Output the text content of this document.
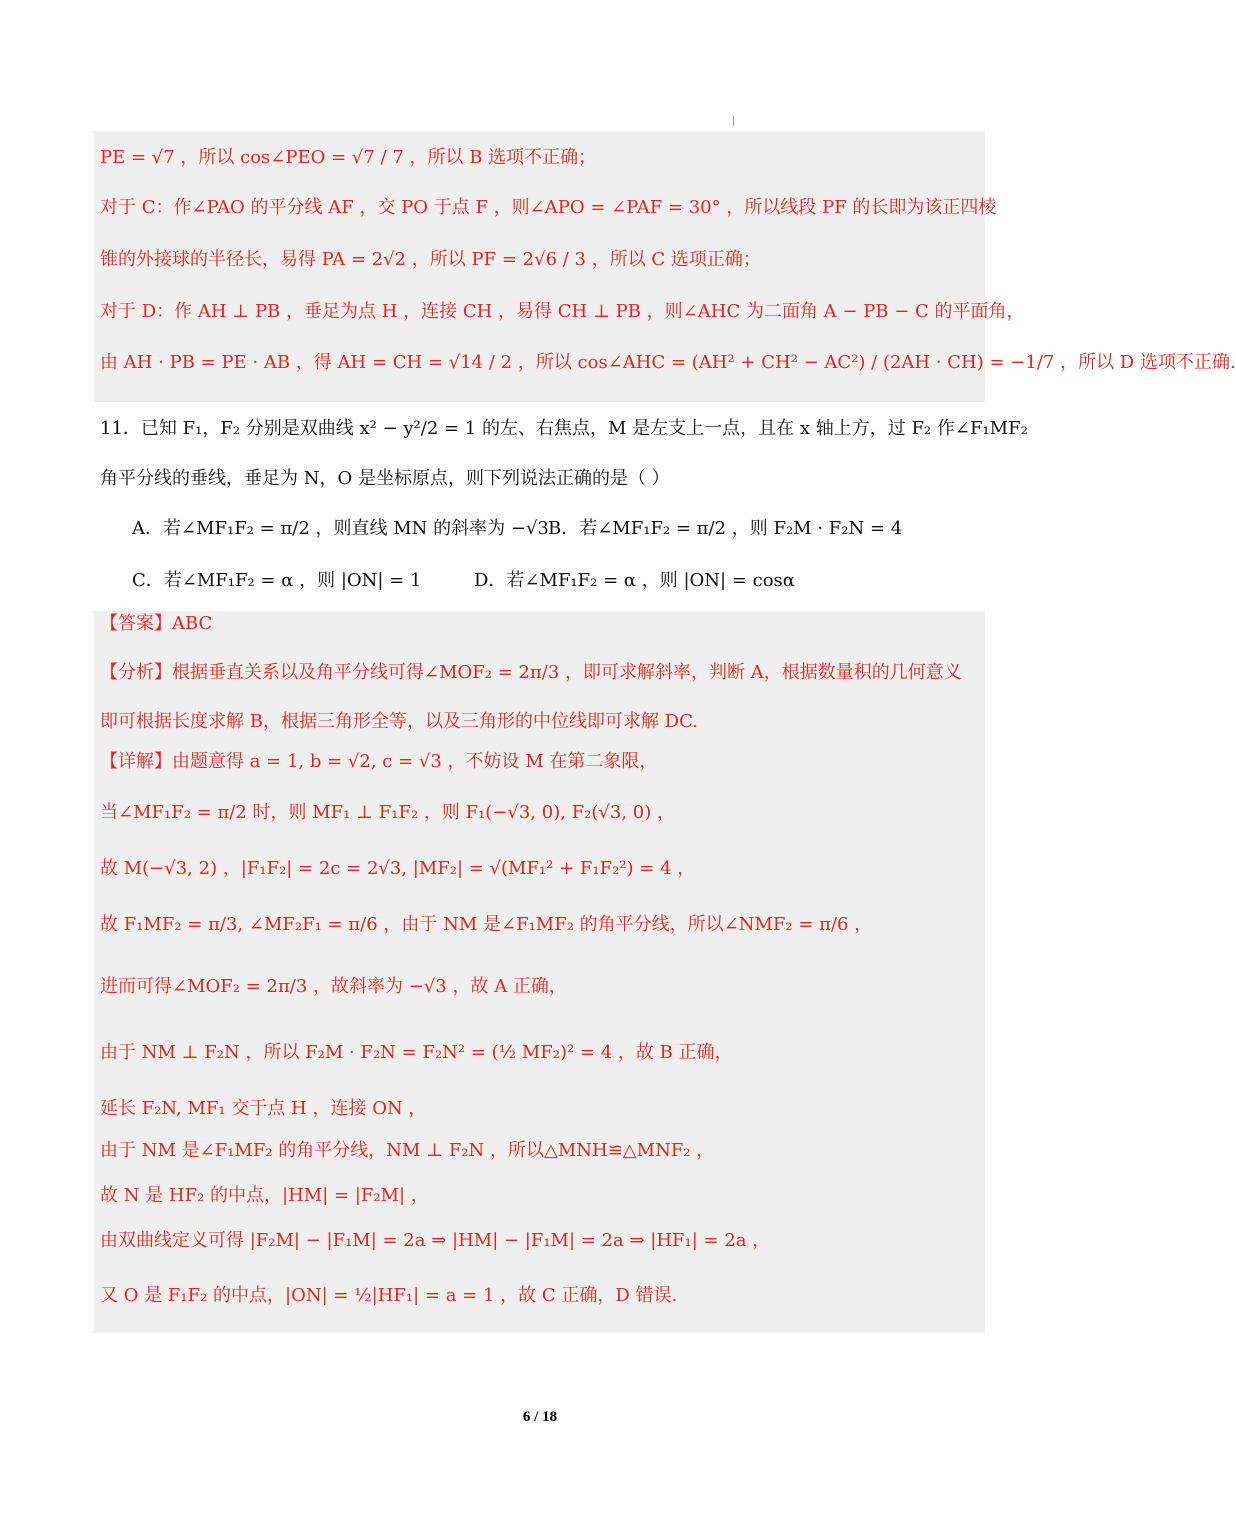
PE = √7 ，所以 cos∠PEO = √7 / 7 ，所以 B 选项不正确；
对于 C：作∠PAO 的平分线 AF ，交 PO 于点 F ，则∠APO = ∠PAF = 30° ，所以线段 PF 的长即为该正四棱
锥的外接球的半径长，易得 PA = 2√2 ，所以 PF = 2√6 / 3 ，所以 C 选项正确；
对于 D：作 AH ⊥ PB ，垂足为点 H ，连接 CH ，易得 CH ⊥ PB ，则∠AHC 为二面角 A − PB − C 的平面角，
由 AH · PB = PE · AB ，得 AH = CH = √14 / 2 ，所以 cos∠AHC = (AH² + CH² − AC²) / (2AH · CH) = −1/7 ，所以 D 选项不正确.
11．已知 F₁，F₂ 分别是双曲线 x² − y²/2 = 1 的左、右焦点，M 是左支上一点，且在 x 轴上方，过 F₂ 作∠F₁MF₂
角平分线的垂线，垂足为 N，O 是坐标原点，则下列说法正确的是（ ）
A．若∠MF₁F₂ = π/2 ，则直线 MN 的斜率为 −√3 B．若∠MF₁F₂ = π/2 ，则 F₂M · F₂N = 4
C．若∠MF₁F₂ = α ，则 |ON| = 1	D．若∠MF₁F₂ = α ，则 |ON| = cosα
【答案】ABC
【分析】根据垂直关系以及角平分线可得∠MOF₂ = 2π/3 ，即可求解斜率，判断 A，根据数量积的几何意义
即可根据长度求解 B，根据三角形全等，以及三角形的中位线即可求解 DC.
【详解】由题意得 a = 1, b = √2, c = √3 ，不妨设 M 在第二象限，
当∠MF₁F₂ = π/2 时，则 MF₁ ⊥ F₁F₂ ，则 F₁(−√3, 0), F₂(√3, 0) ，
故 M(−√3, 2) ，|F₁F₂| = 2c = 2√3, |MF₂| = √(MF₁² + F₁F₂²) = 4 ，
故 F₁MF₂ = π/3, ∠MF₂F₁ = π/6 ，由于 NM 是∠F₁MF₂ 的角平分线，所以∠NMF₂ = π/6 ，
进而可得∠MOF₂ = 2π/3 ，故斜率为 −√3 ，故 A 正确，
由于 NM ⊥ F₂N ，所以 F₂M · F₂N = F₂N² = (½ MF₂)² = 4 ，故 B 正确，
延长 F₂N, MF₁ 交于点 H ，连接 ON ，
由于 NM 是∠F₁MF₂ 的角平分线，NM ⊥ F₂N ，所以△MNH≌△MNF₂ ，
故 N 是 HF₂ 的中点，|HM| = |F₂M| ，
由双曲线定义可得 |F₂M| − |F₁M| = 2a ⇒ |HM| − |F₁M| = 2a ⇒ |HF₁| = 2a ，
又 O 是 F₁F₂ 的中点，|ON| = ½|HF₁| = a = 1 ，故 C 正确，D 错误.
6 / 18
